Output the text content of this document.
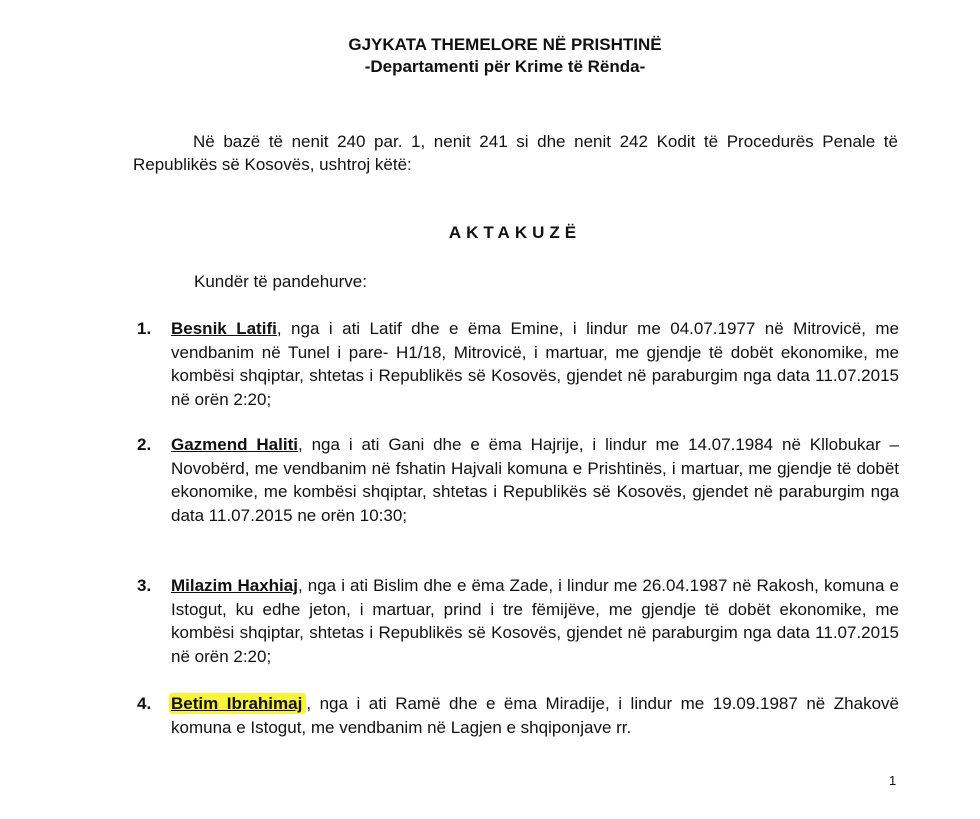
GJYKATA THEMELORE NË PRISHTINË
-Departamenti për Krime të Rënda-
Në bazë të nenit 240 par. 1, nenit 241 si dhe nenit 242 Kodit të Procedurës Penale të Republikës së Kosovës, ushtroj këtë:
AKTAKUZË
Kundër të pandehurve:
1.	Besnik Latifi, nga i ati Latif dhe e ëma Emine, i lindur me 04.07.1977 në Mitrovicë, me vendbanim në Tunel i pare- H1/18, Mitrovicë, i martuar, me gjendje të dobët ekonomike, me kombësi shqiptar, shtetas i Republikës së Kosovës, gjendet në paraburgim nga data 11.07.2015 në orën 2:20;
2.	Gazmend Haliti, nga i ati Gani dhe e ëma Hajrije, i lindur me 14.07.1984 në Kllobukar – Novobërd, me vendbanim në fshatin Hajvali komuna e Prishtinës, i martuar, me gjendje të dobët ekonomike, me kombësi shqiptar, shtetas i Republikës së Kosovës, gjendet në paraburgim nga data 11.07.2015 ne orën 10:30;
3.	Milazim Haxhiaj, nga i ati Bislim dhe e ëma Zade, i lindur me 26.04.1987 në Rakosh, komuna e Istogut, ku edhe jeton, i martuar, prind i tre fëmijëve, me gjendje të dobët ekonomike, me kombësi shqiptar, shtetas i Republikës së Kosovës, gjendet në paraburgim nga data 11.07.2015 në orën 2:20;
4.	Betim Ibrahimaj , nga i ati Ramë dhe e ëma Miradije, i lindur me 19.09.1987 në Zhakovë komuna e Istogut, me vendbanim në Lagjen e shqiponjave rr.
1
